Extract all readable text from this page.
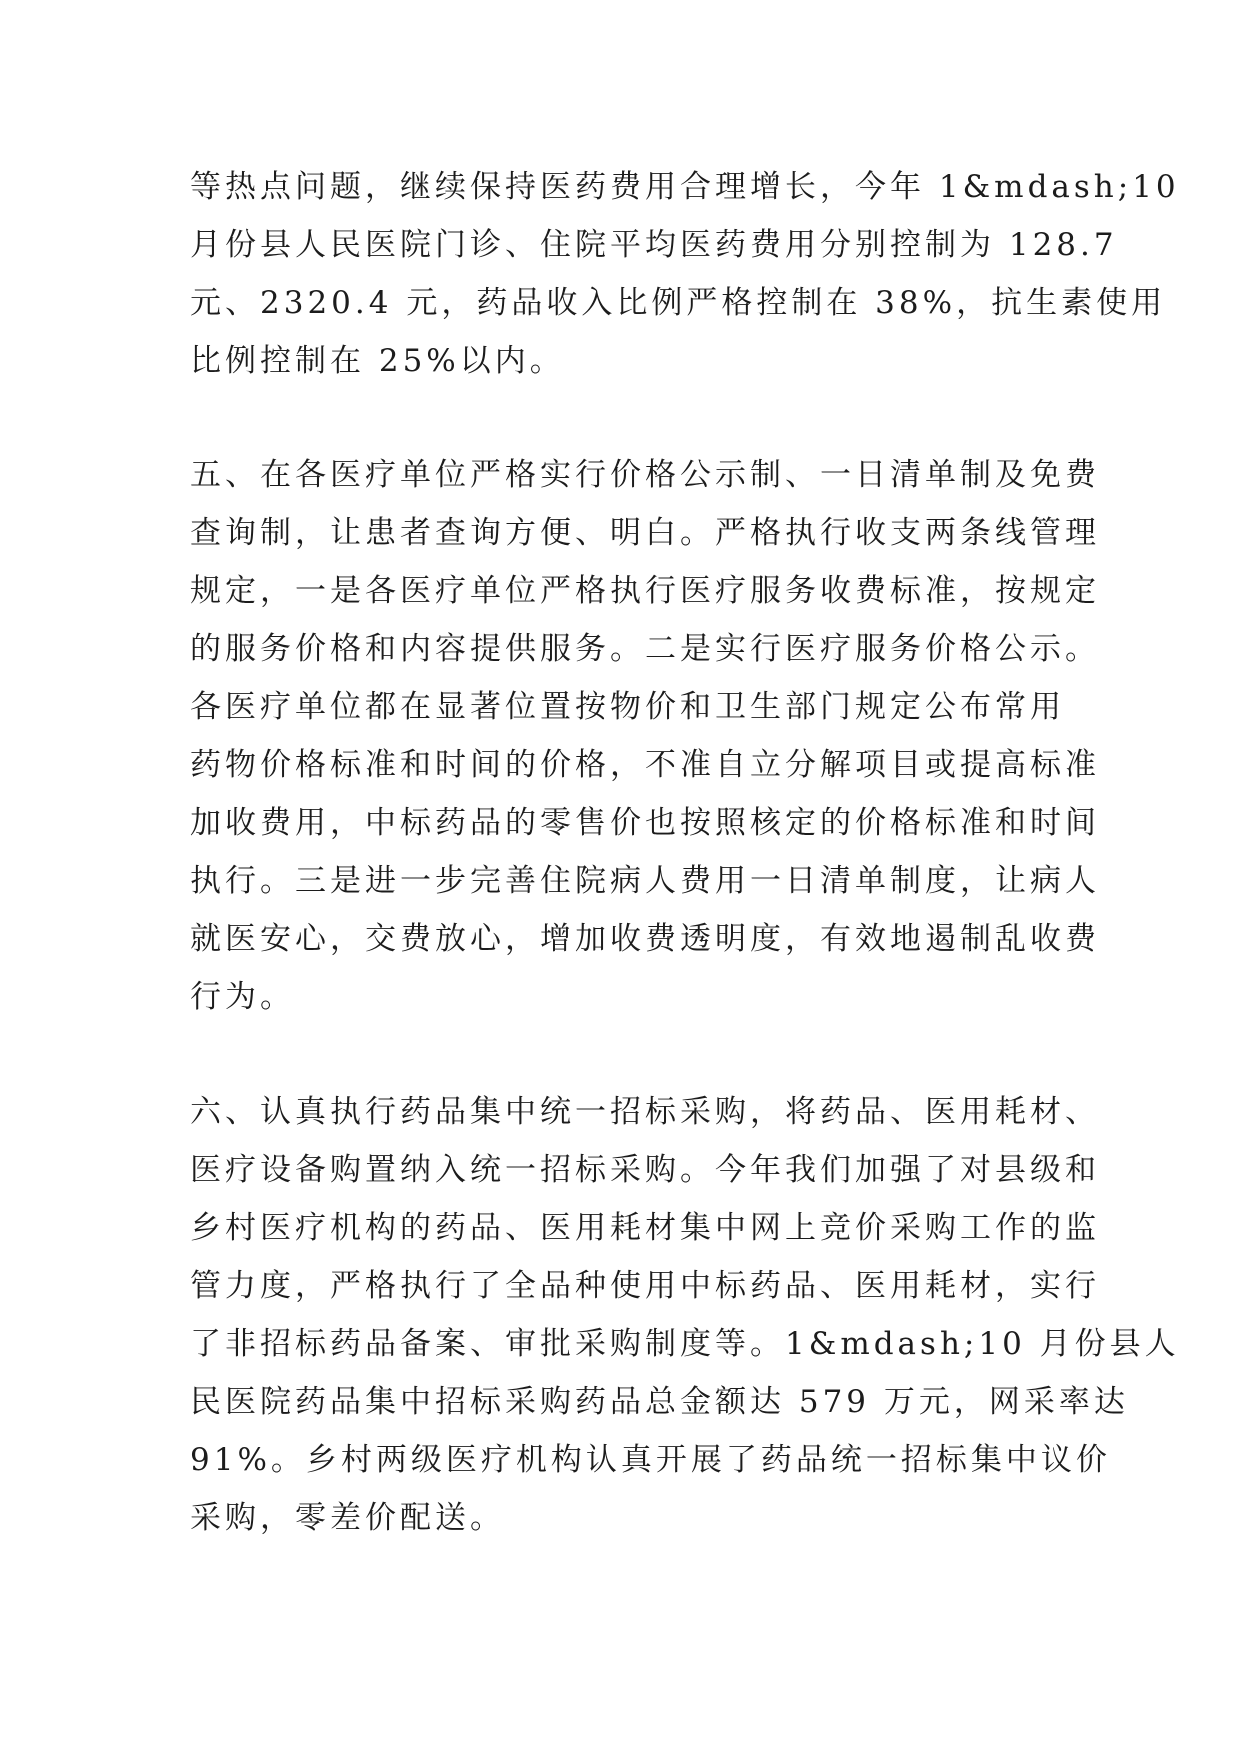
等热点问题，继续保持医药费用合理增长，今年 1&mdash;10
月份县人民医院门诊、住院平均医药费用分别控制为 128.7
元、2320.4 元，药品收入比例严格控制在 38%，抗生素使用
比例控制在 25%以内。
五、在各医疗单位严格实行价格公示制、一日清单制及免费
查询制，让患者查询方便、明白。严格执行收支两条线管理
规定，一是各医疗单位严格执行医疗服务收费标准，按规定
的服务价格和内容提供服务。二是实行医疗服务价格公示。
各医疗单位都在显著位置按物价和卫生部门规定公布常用
药物价格标准和时间的价格，不准自立分解项目或提高标准
加收费用，中标药品的零售价也按照核定的价格标准和时间
执行。三是进一步完善住院病人费用一日清单制度，让病人
就医安心，交费放心，增加收费透明度，有效地遏制乱收费
行为。
六、认真执行药品集中统一招标采购，将药品、医用耗材、
医疗设备购置纳入统一招标采购。今年我们加强了对县级和
乡村医疗机构的药品、医用耗材集中网上竞价采购工作的监
管力度，严格执行了全品种使用中标药品、医用耗材，实行
了非招标药品备案、审批采购制度等。1&mdash;10 月份县人
民医院药品集中招标采购药品总金额达 579 万元，网采率达
91%。乡村两级医疗机构认真开展了药品统一招标集中议价
采购，零差价配送。
